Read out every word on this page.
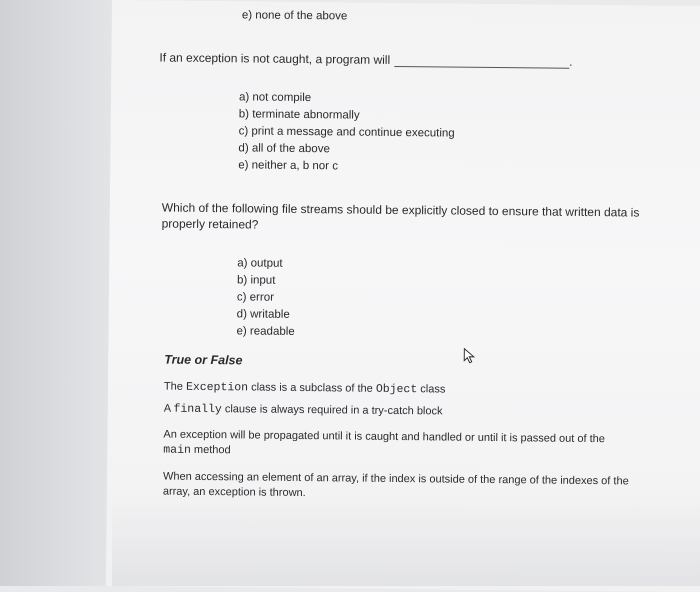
e) none of the above
If an exception is not caught, a program will	.
a) not compile
b) terminate abnormally
c) print a message and continue executing
d) all of the above
e) neither a, b nor c
Which of the following file streams should be explicitly closed to ensure that written data is
properly retained?
a) output
b) input
c) error
d) writable
e) readable
True or False
The Exception class is a subclass of the Object class
A finally clause is always required in a try-catch block
An exception will be propagated until it is caught and handled or until it is passed out of the
main method
When accessing an element of an array, if the index is outside of the range of the indexes of the
array, an exception is thrown.
